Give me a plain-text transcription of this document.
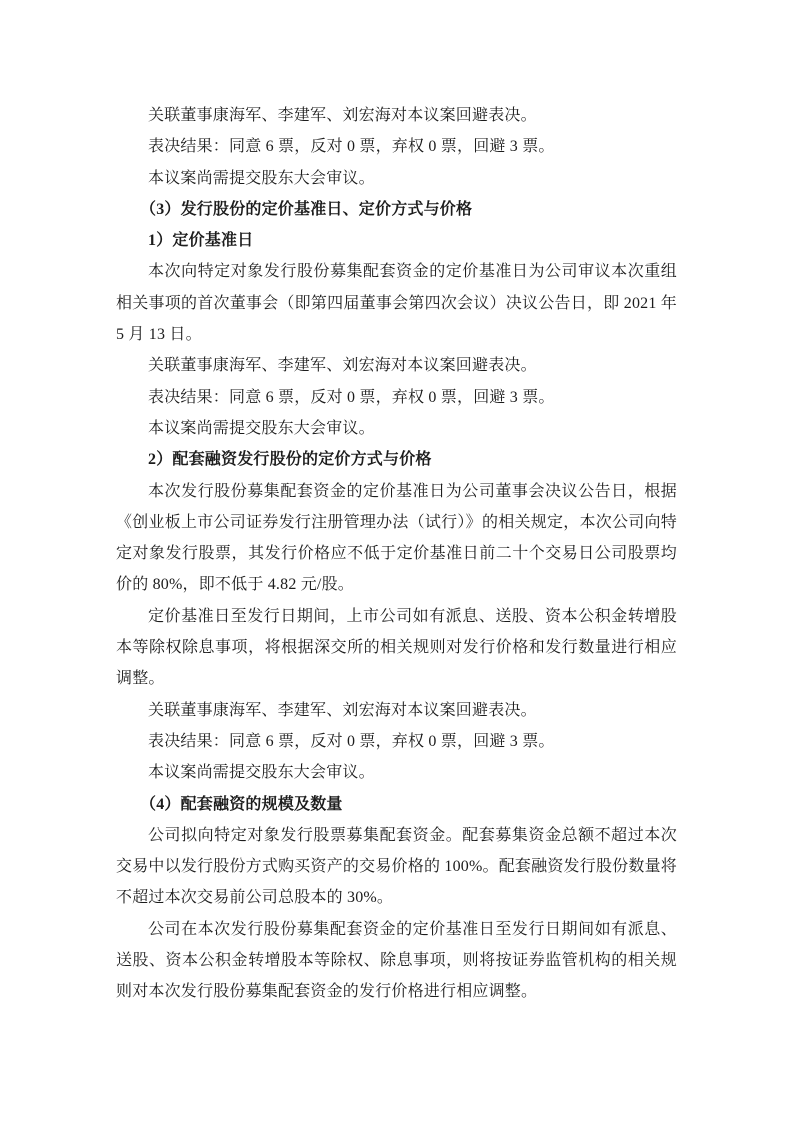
关联董事康海军、李建军、刘宏海对本议案回避表决。

表决结果：同意 6 票，反对 0 票，弃权 0 票，回避 3 票。

本议案尚需提交股东大会审议。

（3）发行股份的定价基准日、定价方式与价格

1）定价基准日

本次向特定对象发行股份募集配套资金的定价基准日为公司审议本次重组相关事项的首次董事会（即第四届董事会第四次会议）决议公告日，即 2021 年 5 月 13 日。

关联董事康海军、李建军、刘宏海对本议案回避表决。

表决结果：同意 6 票，反对 0 票，弃权 0 票，回避 3 票。

本议案尚需提交股东大会审议。

2）配套融资发行股份的定价方式与价格

本次发行股份募集配套资金的定价基准日为公司董事会决议公告日，根据《创业板上市公司证券发行注册管理办法（试行）》的相关规定，本次公司向特定对象发行股票，其发行价格应不低于定价基准日前二十个交易日公司股票均价的 80%，即不低于 4.82 元/股。

定价基准日至发行日期间，上市公司如有派息、送股、资本公积金转增股本等除权除息事项，将根据深交所的相关规则对发行价格和发行数量进行相应调整。

关联董事康海军、李建军、刘宏海对本议案回避表决。

表决结果：同意 6 票，反对 0 票，弃权 0 票，回避 3 票。

本议案尚需提交股东大会审议。

（4）配套融资的规模及数量

公司拟向特定对象发行股票募集配套资金。配套募集资金总额不超过本次交易中以发行股份方式购买资产的交易价格的 100%。配套融资发行股份数量将不超过本次交易前公司总股本的 30%。

公司在本次发行股份募集配套资金的定价基准日至发行日期间如有派息、送股、资本公积金转增股本等除权、除息事项，则将按证券监管机构的相关规则对本次发行股份募集配套资金的发行价格进行相应调整。
